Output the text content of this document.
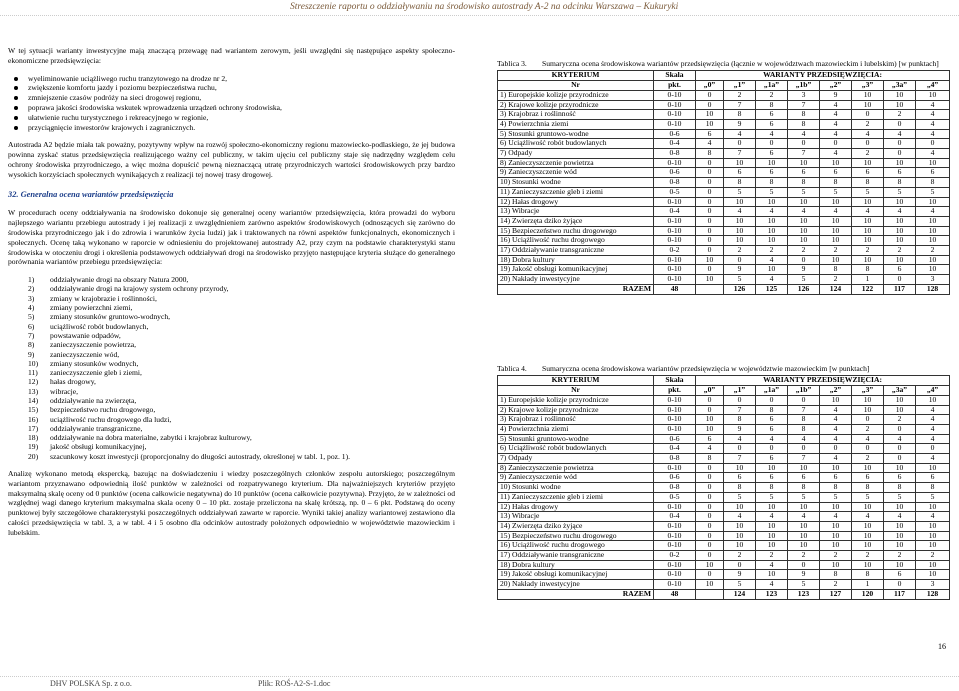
Streszczenie raportu o oddziaływaniu na środowisko autostrady A-2 na odcinku Warszawa – Kukuryki

W tej sytuacji warianty inwestycyjne mają znaczącą przewagę nad wariantem zerowym, jeśli uwzględni się następujące aspekty społeczno-ekonomiczne przedsięwzięcia:

wyeliminowanie uciążliwego ruchu tranzytowego na drodze nr 2,
zwiększenie komfortu jazdy i poziomu bezpieczeństwa ruchu,
zmniejszenie czasów podróży na sieci drogowej regionu,
poprawa jakości środowiska wskutek wprowadzenia urządzeń ochrony środowiska,
ułatwienie ruchu turystycznego i rekreacyjnego w regionie,
przyciągnięcie inwestorów krajowych i zagranicznych.

Autostrada A2 będzie miała tak poważny, pozytywny wpływ na rozwój społeczno-ekonomiczny regionu mazowiecko-podlaskiego, że jej budowa powinna zyskać status przedsięwzięcia realizującego ważny cel publiczny, w takim ujęciu cel publiczny staje się nadrzędny względem celu ochrony środowiska przyrodniczego, a więc można dopuścić pewną nieznaczącą utratę przyrodniczych wartości środowiskowych przy bardzo wysokich korzyściach społecznych wynikających z realizacji tej nowej trasy drogowej.

32. Generalna ocena wariantów przedsięwzięcia

W procedurach oceny oddziaływania na środowisko dokonuje się generalnej oceny wariantów przedsięwzięcia, która prowadzi do wyboru najlepszego wariantu przebiegu autostrady i jej realizacji z uwzględnieniem zarówno aspektów środowiskowych (odnoszących się zarówno do środowiska przyrodniczego jak i do zdrowia i warunków życia ludzi) jak i traktowanych na równi aspektów funkcjonalnych, ekonomicznych i społecznych. Ocenę taką wykonano w raporcie w odniesieniu do projektowanej autostrady A2, przy czym na podstawie charakterystyki stanu środowiska w otoczeniu drogi i określenia podstawowych oddziaływań drogi na środowisko przyjęto następujące kryteria służące do generalnego porównania wariantów przebiegu przedsięwzięcia:

1) oddziaływanie drogi na obszary Natura 2000,
2) oddziaływanie drogi na krajowy system ochrony przyrody,
3) zmiany w krajobrazie i roślinności,
4) zmiany powierzchni ziemi,
5) zmiany stosunków gruntowo-wodnych,
6) uciążliwość robót budowlanych,
7) powstawanie odpadów,
8) zanieczyszczenie powietrza,
9) zanieczyszczenie wód,
10) zmiany stosunków wodnych,
11) zanieczyszczenie gleb i ziemi,
12) hałas drogowy,
13) wibracje,
14) oddziaływanie na zwierzęta,
15) bezpieczeństwo ruchu drogowego,
16) uciążliwość ruchu drogowego dla ludzi,
17) oddziaływanie transgraniczne,
18) oddziaływanie na dobra materialne, zabytki i krajobraz kulturowy,
19) jakość obsługi komunikacyjnej,
20) szacunkowy koszt inwestycji (proporcjonalny do długości autostrady, określonej w tabl. 1, poz. 1).

Analizę wykonano metodą ekspercką, bazując na doświadczeniu i wiedzy poszczególnych członków zespołu autorskiego; poszczególnym wariantom przyznawano odpowiednią ilość punktów w zależności od rozpatrywanego kryterium. Dla najważniejszych kryteriów przyjęto maksymalną skalę oceny od 0 punktów (ocena całkowicie negatywna) do 10 punktów (ocena całkowicie pozytywna). Przyjęto, że w zależności od względnej wagi danego kryterium maksymalna skala oceny 0 – 10 pkt. zostaje przeliczona na skalę krótszą, np. 0 – 6 pkt. Podstawą do oceny punktowej były szczegółowe charakterystyki poszczególnych oddziaływań zawarte w raporcie. Wyniki takiej analizy wariantowej zestawiono dla całości przedsięwzięcia w tabl. 3, a w tabl. 4 i 5 osobno dla odcinków autostrady położonych odpowiednio w województwie mazowieckim i lubelskim.

Tablica 3. Sumaryczna ocena środowiskowa wariantów przedsięwzięcia (łącznie w województwach mazowieckim i lubelskim) [w punktach]
KRYTERIUM	Skala	WARIANTY PRZEDSIĘWZIĘCIA:							
Nr	pkt.	„0”	„1”	„1a”	„1b”	„2”	„3”	„3a”	„4”
1) Europejskie kolizje przyrodnicze	0-10	0	2	2	3	9	10	10	10
2) Krajowe kolizje przyrodnicze	0-10	0	7	8	7	4	10	10	4
3) Krajobraz i roślinność	0-10	10	8	6	8	4	0	2	4
4) Powierzchnia ziemi	0-10	10	9	6	8	4	2	0	4
5) Stosunki gruntowo-wodne	0-6	6	4	4	4	4	4	4	4
6) Uciążliwość robót budowlanych	0-4	4	0	0	0	0	0	0	0
7) Odpady	0-8	8	7	6	7	4	2	0	4
8) Zanieczyszczenie powietrza	0-10	0	10	10	10	10	10	10	10
9) Zanieczyszczenie wód	0-6	0	6	6	6	6	6	6	6
10) Stosunki wodne	0-8	0	8	8	8	8	8	8	8
11) Zanieczyszczenie gleb i ziemi	0-5	0	5	5	5	5	5	5	5
12) Hałas drogowy	0-10	0	10	10	10	10	10	10	10
13) Wibracje	0-4	0	4	4	4	4	4	4	4
14) Zwierzęta dziko żyjące	0-10	0	10	10	10	10	10	10	10
15) Bezpieczeństwo ruchu drogowego	0-10	0	10	10	10	10	10	10	10
16) Uciążliwość ruchu drogowego	0-10	0	10	10	10	10	10	10	10
17) Oddziaływanie transgraniczne	0-2	0	2	2	2	2	2	2	2
18) Dobra kultury	0-10	10	0	4	0	10	10	10	10
19) Jakość obsługi komunikacyjnej	0-10	0	9	10	9	8	8	6	10
20) Nakłady inwestycyjne	0-10	10	5	4	5	2	1	0	3
RAZEM	48		126	125	126	124	122	117	128
Tablica 4. Sumaryczna ocena środowiskowa wariantów przedsięwzięcia w województwie mazowieckim [w punktach]
KRYTERIUM	Skala	WARIANTY PRZEDSIĘWZIĘCIA:							
Nr	pkt.	„0”	„1”	„1a”	„1b”	„2”	„3”	„3a”	„4”
1) Europejskie kolizje przyrodnicze	0-10	0	0	0	0	10	10	10	10
2) Krajowe kolizje przyrodnicze	0-10	0	7	8	7	4	10	10	4
3) Krajobraz i roślinność	0-10	10	8	6	8	4	0	2	4
4) Powierzchnia ziemi	0-10	10	9	6	8	4	2	0	4
5) Stosunki gruntowo-wodne	0-6	6	4	4	4	4	4	4	4
6) Uciążliwość robót budowlanych	0-4	4	0	0	0	0	0	0	0
7) Odpady	0-8	8	7	6	7	4	2	0	4
8) Zanieczyszczenie powietrza	0-10	0	10	10	10	10	10	10	10
9) Zanieczyszczenie wód	0-6	0	6	6	6	6	6	6	6
10) Stosunki wodne	0-8	0	8	8	8	8	8	8	8
11) Zanieczyszczenie gleb i ziemi	0-5	0	5	5	5	5	5	5	5
12) Hałas drogowy	0-10	0	10	10	10	10	10	10	10
13) Wibracje	0-4	0	4	4	4	4	4	4	4
14) Zwierzęta dziko żyjące	0-10	0	10	10	10	10	10	10	10
15) Bezpieczeństwo ruchu drogowego	0-10	0	10	10	10	10	10	10	10
16) Uciążliwość ruchu drogowego	0-10	0	10	10	10	10	10	10	10
17) Oddziaływanie transgraniczne	0-2	0	2	2	2	2	2	2	2
18) Dobra kultury	0-10	10	0	4	0	10	10	10	10
19) Jakość obsługi komunikacyjnej	0-10	0	9	10	9	8	8	6	10
20) Nakłady inwestycyjne	0-10	10	5	4	5	2	1	0	3
RAZEM	48		124	123	123	127	120	117	128
16
DHV POLSKA Sp. z o.o.	Plik: ROŚ-A2-S-1.doc
